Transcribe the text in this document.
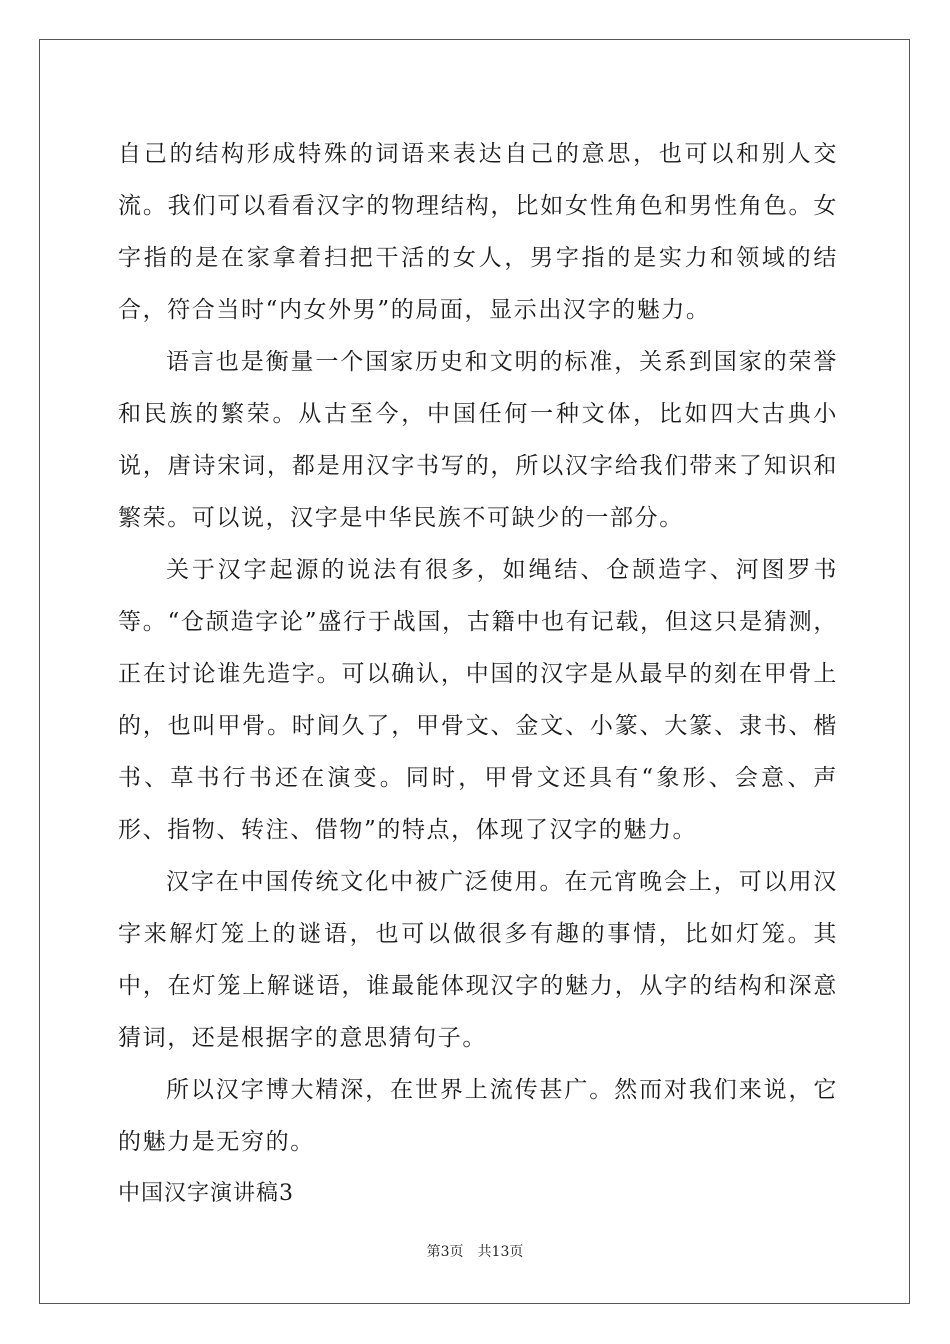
自己的结构形成特殊的词语来表达自己的意思，也可以和别人交流。我们可以看看汉字的物理结构，比如女性角色和男性角色。女字指的是在家拿着扫把干活的女人，男字指的是实力和领域的结合，符合当时“内女外男”的局面，显示出汉字的魅力。

语言也是衡量一个国家历史和文明的标准，关系到国家的荣誉和民族的繁荣。从古至今，中国任何一种文体，比如四大古典小说，唐诗宋词，都是用汉字书写的，所以汉字给我们带来了知识和繁荣。可以说，汉字是中华民族不可缺少的一部分。

关于汉字起源的说法有很多，如绳结、仓颉造字、河图罗书等。“仓颉造字论”盛行于战国，古籍中也有记载，但这只是猜测，正在讨论谁先造字。可以确认，中国的汉字是从最早的刻在甲骨上的，也叫甲骨。时间久了，甲骨文、金文、小篆、大篆、隶书、楷书、草书行书还在演变。同时，甲骨文还具有“象形、会意、声形、指物、转注、借物”的特点，体现了汉字的魅力。

汉字在中国传统文化中被广泛使用。在元宵晚会上，可以用汉字来解灯笼上的谜语，也可以做很多有趣的事情，比如灯笼。其中，在灯笼上解谜语，谁最能体现汉字的魅力，从字的结构和深意猜词，还是根据字的意思猜句子。

所以汉字博大精深，在世界上流传甚广。然而对我们来说，它的魅力是无穷的。

中国汉字演讲稿3

第3页 共13页
